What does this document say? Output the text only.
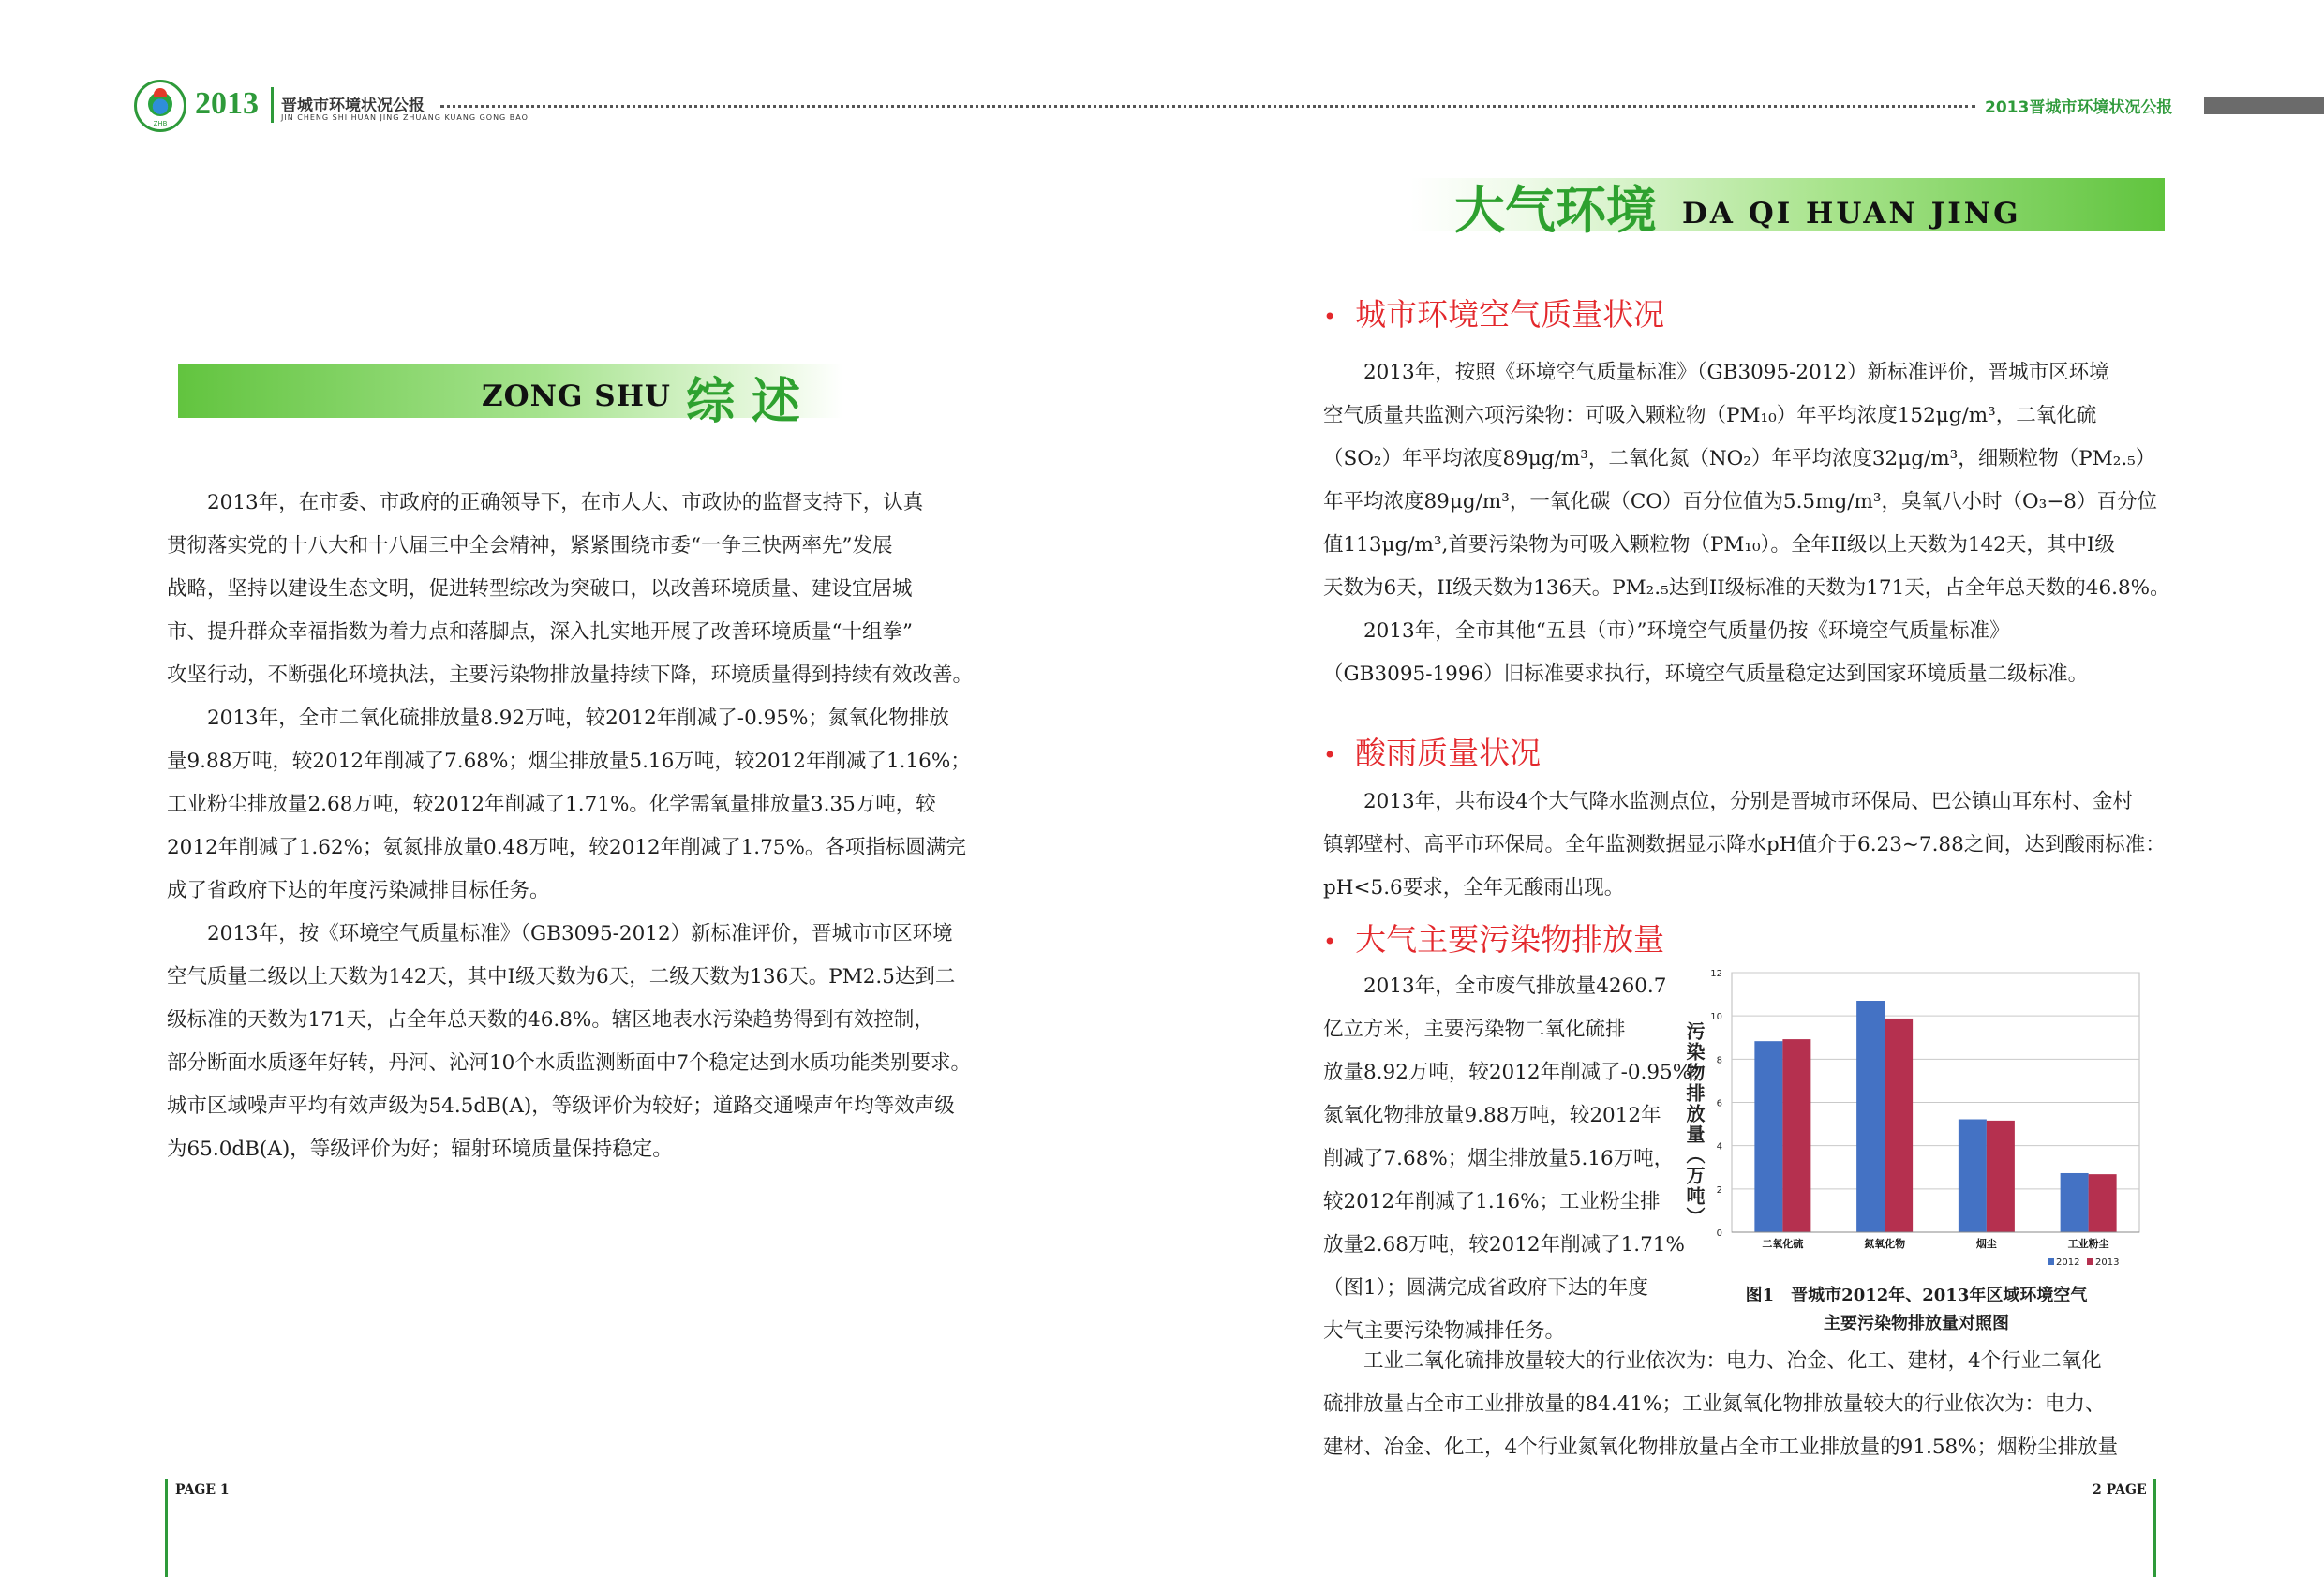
ZHB
2013 晋城市环境状况公报
JIN CHENG SHI HUAN JING ZHUANG KUANG GONG BAO
2013晋城市环境状况公报
ZONG SHU 综述
　　2013年，在市委、市政府的正确领导下，在市人大、市政协的监督支持下，认真
贯彻落实党的十八大和十八届三中全会精神，紧紧围绕市委“一争三快两率先”发展
战略，坚持以建设生态文明，促进转型综改为突破口，以改善环境质量、建设宜居城
市、提升群众幸福指数为着力点和落脚点，深入扎实地开展了改善环境质量“十组拳”
攻坚行动，不断强化环境执法，主要污染物排放量持续下降，环境质量得到持续有效改善。
　　2013年，全市二氧化硫排放量8.92万吨，较2012年削减了-0.95%；氮氧化物排放
量9.88万吨，较2012年削减了7.68%；烟尘排放量5.16万吨，较2012年削减了1.16%；
工业粉尘排放量2.68万吨，较2012年削减了1.71%。化学需氧量排放量3.35万吨，较
2012年削减了1.62%；氨氮排放量0.48万吨，较2012年削减了1.75%。各项指标圆满完
成了省政府下达的年度污染减排目标任务。
　　2013年，按《环境空气质量标准》（GB3095-2012）新标准评价，晋城市市区环境
空气质量二级以上天数为142天，其中I级天数为6天，二级天数为136天。PM2.5达到二
级标准的天数为171天，占全年总天数的46.8%。辖区地表水污染趋势得到有效控制，
部分断面水质逐年好转，丹河、沁河10个水质监测断面中7个稳定达到水质功能类别要求。
城市区域噪声平均有效声级为54.5dB(A)，等级评价为较好；道路交通噪声年均等效声级
为65.0dB(A)，等级评价为好；辐射环境质量保持稳定。
PAGE 1
大气环境 DA QI HUAN JING
• 城市环境空气质量状况
　　2013年，按照《环境空气质量标准》（GB3095-2012）新标准评价，晋城市区环境
空气质量共监测六项污染物：可吸入颗粒物（PM₁₀）年平均浓度152μg/m³，二氧化硫
（SO₂）年平均浓度89μg/m³，二氧化氮（NO₂）年平均浓度32μg/m³，细颗粒物（PM₂.₅）
年平均浓度89μg/m³，一氧化碳（CO）百分位值为5.5mg/m³，臭氧八小时（O₃−8）百分位
值113μg/m³,首要污染物为可吸入颗粒物（PM₁₀）。全年II级以上天数为142天，其中I级
天数为6天，II级天数为136天。PM₂.₅达到II级标准的天数为171天，占全年总天数的46.8%。
　　2013年，全市其他“五县（市）”环境空气质量仍按《环境空气质量标准》
（GB3095-1996）旧标准要求执行，环境空气质量稳定达到国家环境质量二级标准。
• 酸雨质量状况
　　2013年，共布设4个大气降水监测点位，分别是晋城市环保局、巴公镇山耳东村、金村
镇郭壁村、高平市环保局。全年监测数据显示降水pH值介于6.23~7.88之间，达到酸雨标准：
pH<5.6要求，全年无酸雨出现。
• 大气主要污染物排放量
　　2013年，全市废气排放量4260.7
亿立方米，主要污染物二氧化硫排
放量8.92万吨，较2012年削减了-0.95%；
氮氧化物排放量9.88万吨，较2012年
削减了7.68%；烟尘排放量5.16万吨，
较2012年削减了1.16%；工业粉尘排
放量2.68万吨，较2012年削减了1.71%
（图1）；圆满完成省政府下达的年度
大气主要污染物减排任务。
　　工业二氧化硫排放量较大的行业依次为：电力、冶金、化工、建材，4个行业二氧化
硫排放量占全市工业排放量的84.41%；工业氮氧化物排放量较大的行业依次为：电力、
建材、冶金、化工，4个行业氮氧化物排放量占全市工业排放量的91.58%；烟粉尘排放量
污染物排放量（万吨）
0
2
4
6
8
10
12
二氧化硫	氮氧化物	烟尘	工业粉尘
2012 2013
图1　晋城市2012年、2013年区域环境空气
主要污染物排放量对照图
2 PAGE
